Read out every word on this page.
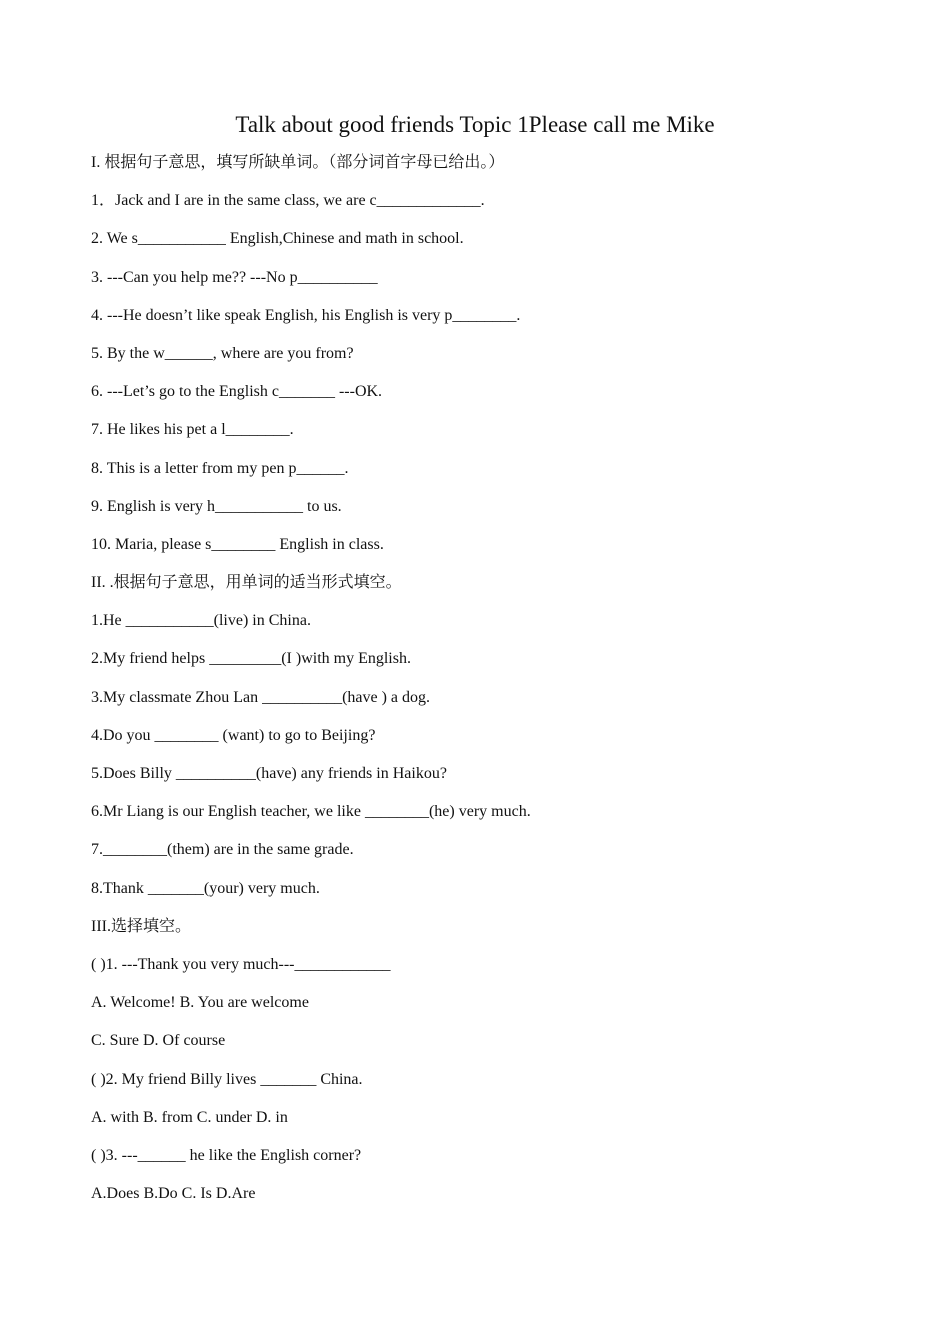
Talk about good friends Topic 1Please call me Mike
I. 根据句子意思，填写所缺单词。（部分词首字母已给出。）
1．Jack and I are in the same class, we are c_____________.
2. We s___________ English,Chinese and math in school.
3. ---Can you help me?? ---No p__________
4. ---He doesn’t like speak English, his English is very p________.
5. By the w______, where are you from?
6. ---Let’s go to the English c_______ ---OK.
7. He likes his pet a l________.
8. This is a letter from my pen p______.
9. English is very h___________ to us.
10. Maria, please s________ English in class.
II. .根据句子意思，用单词的适当形式填空。
1.He ___________(live) in China.
2.My friend helps _________(I )with my English.
3.My classmate Zhou Lan __________(have ) a dog.
4.Do you ________ (want) to go to Beijing?
5.Does Billy __________(have) any friends in Haikou?
6.Mr Liang is our English teacher, we like ________(he) very much.
7.________(them) are in the same grade.
8.Thank _______(your) very much.
III.选择填空。
( )1. ---Thank you very much---____________
A. Welcome! B. You are welcome
C. Sure D. Of course
( )2. My friend Billy lives _______ China.
A. with B. from C. under D. in
( )3. ---______ he like the English corner?
A.Does B.Do C. Is D.Are
